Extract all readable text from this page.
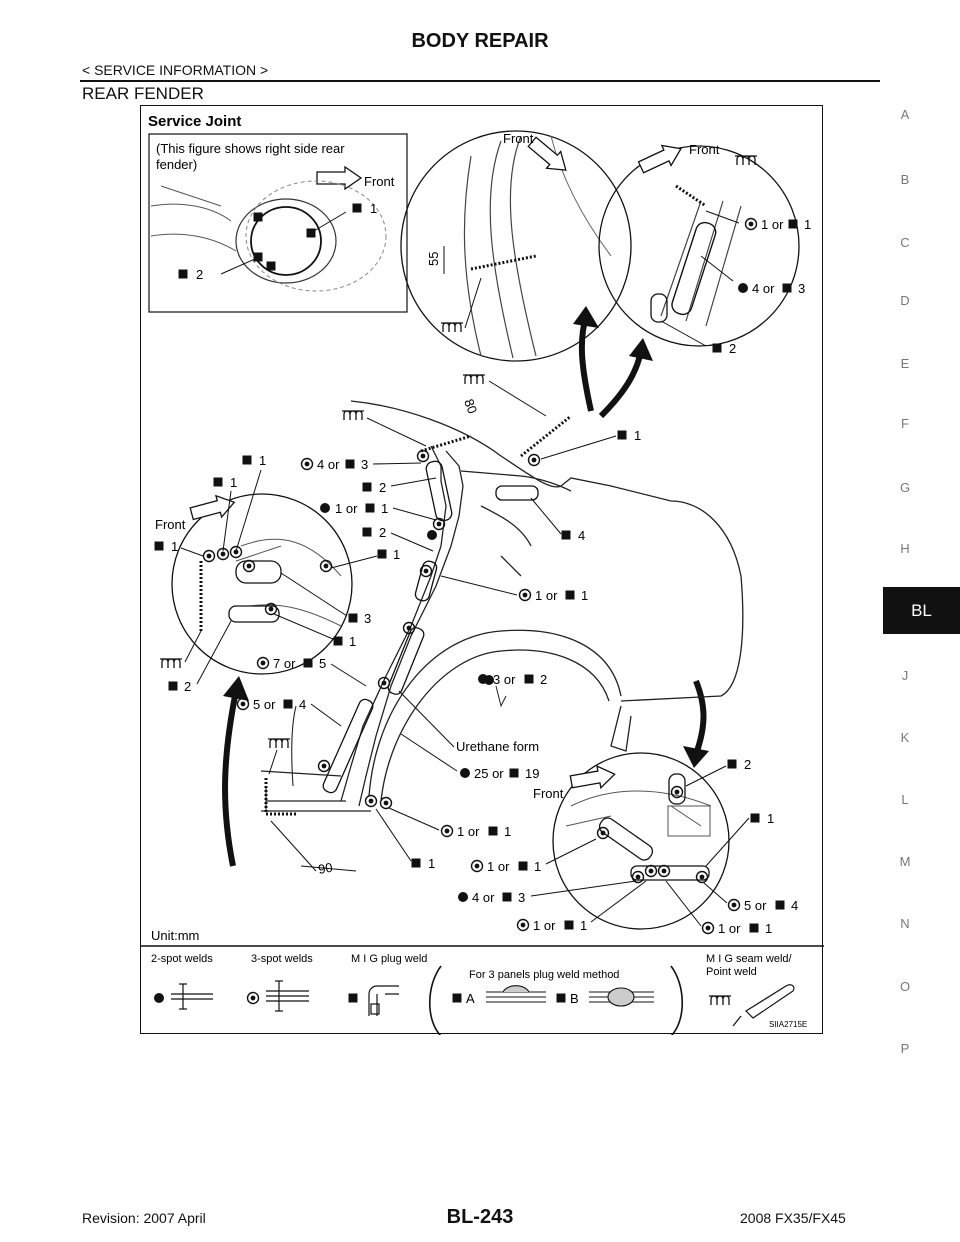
BODY REPAIR
< SERVICE INFORMATION >
REAR FENDER
A
B
C
D
E
F
G
H
BL
J
K
L
M
N
O
P
Service Joint
(This figure shows right side rear
fender)
Front
1
2
Front
55
Front
1 or 1
4 or 3
2
Front
80
1
4
4 or 3
2
1 or 1
2
1
1
1
1
3
1
2
1 or 1
3 or 2
7 or 5
5 or 4
Urethane form
25 or 19
1 or 1
1
90
Front
2
1
1 or 1
4 or 3
1 or 1
5 or 4
1 or 1
Unit:mm
2-spot welds	3-spot welds	M I G plug weld
For 3 panels plug weld method
M I G seam weld/
Point weld
A	B
SIIA2715E
Revision: 2007 April	BL-243	2008 FX35/FX45
